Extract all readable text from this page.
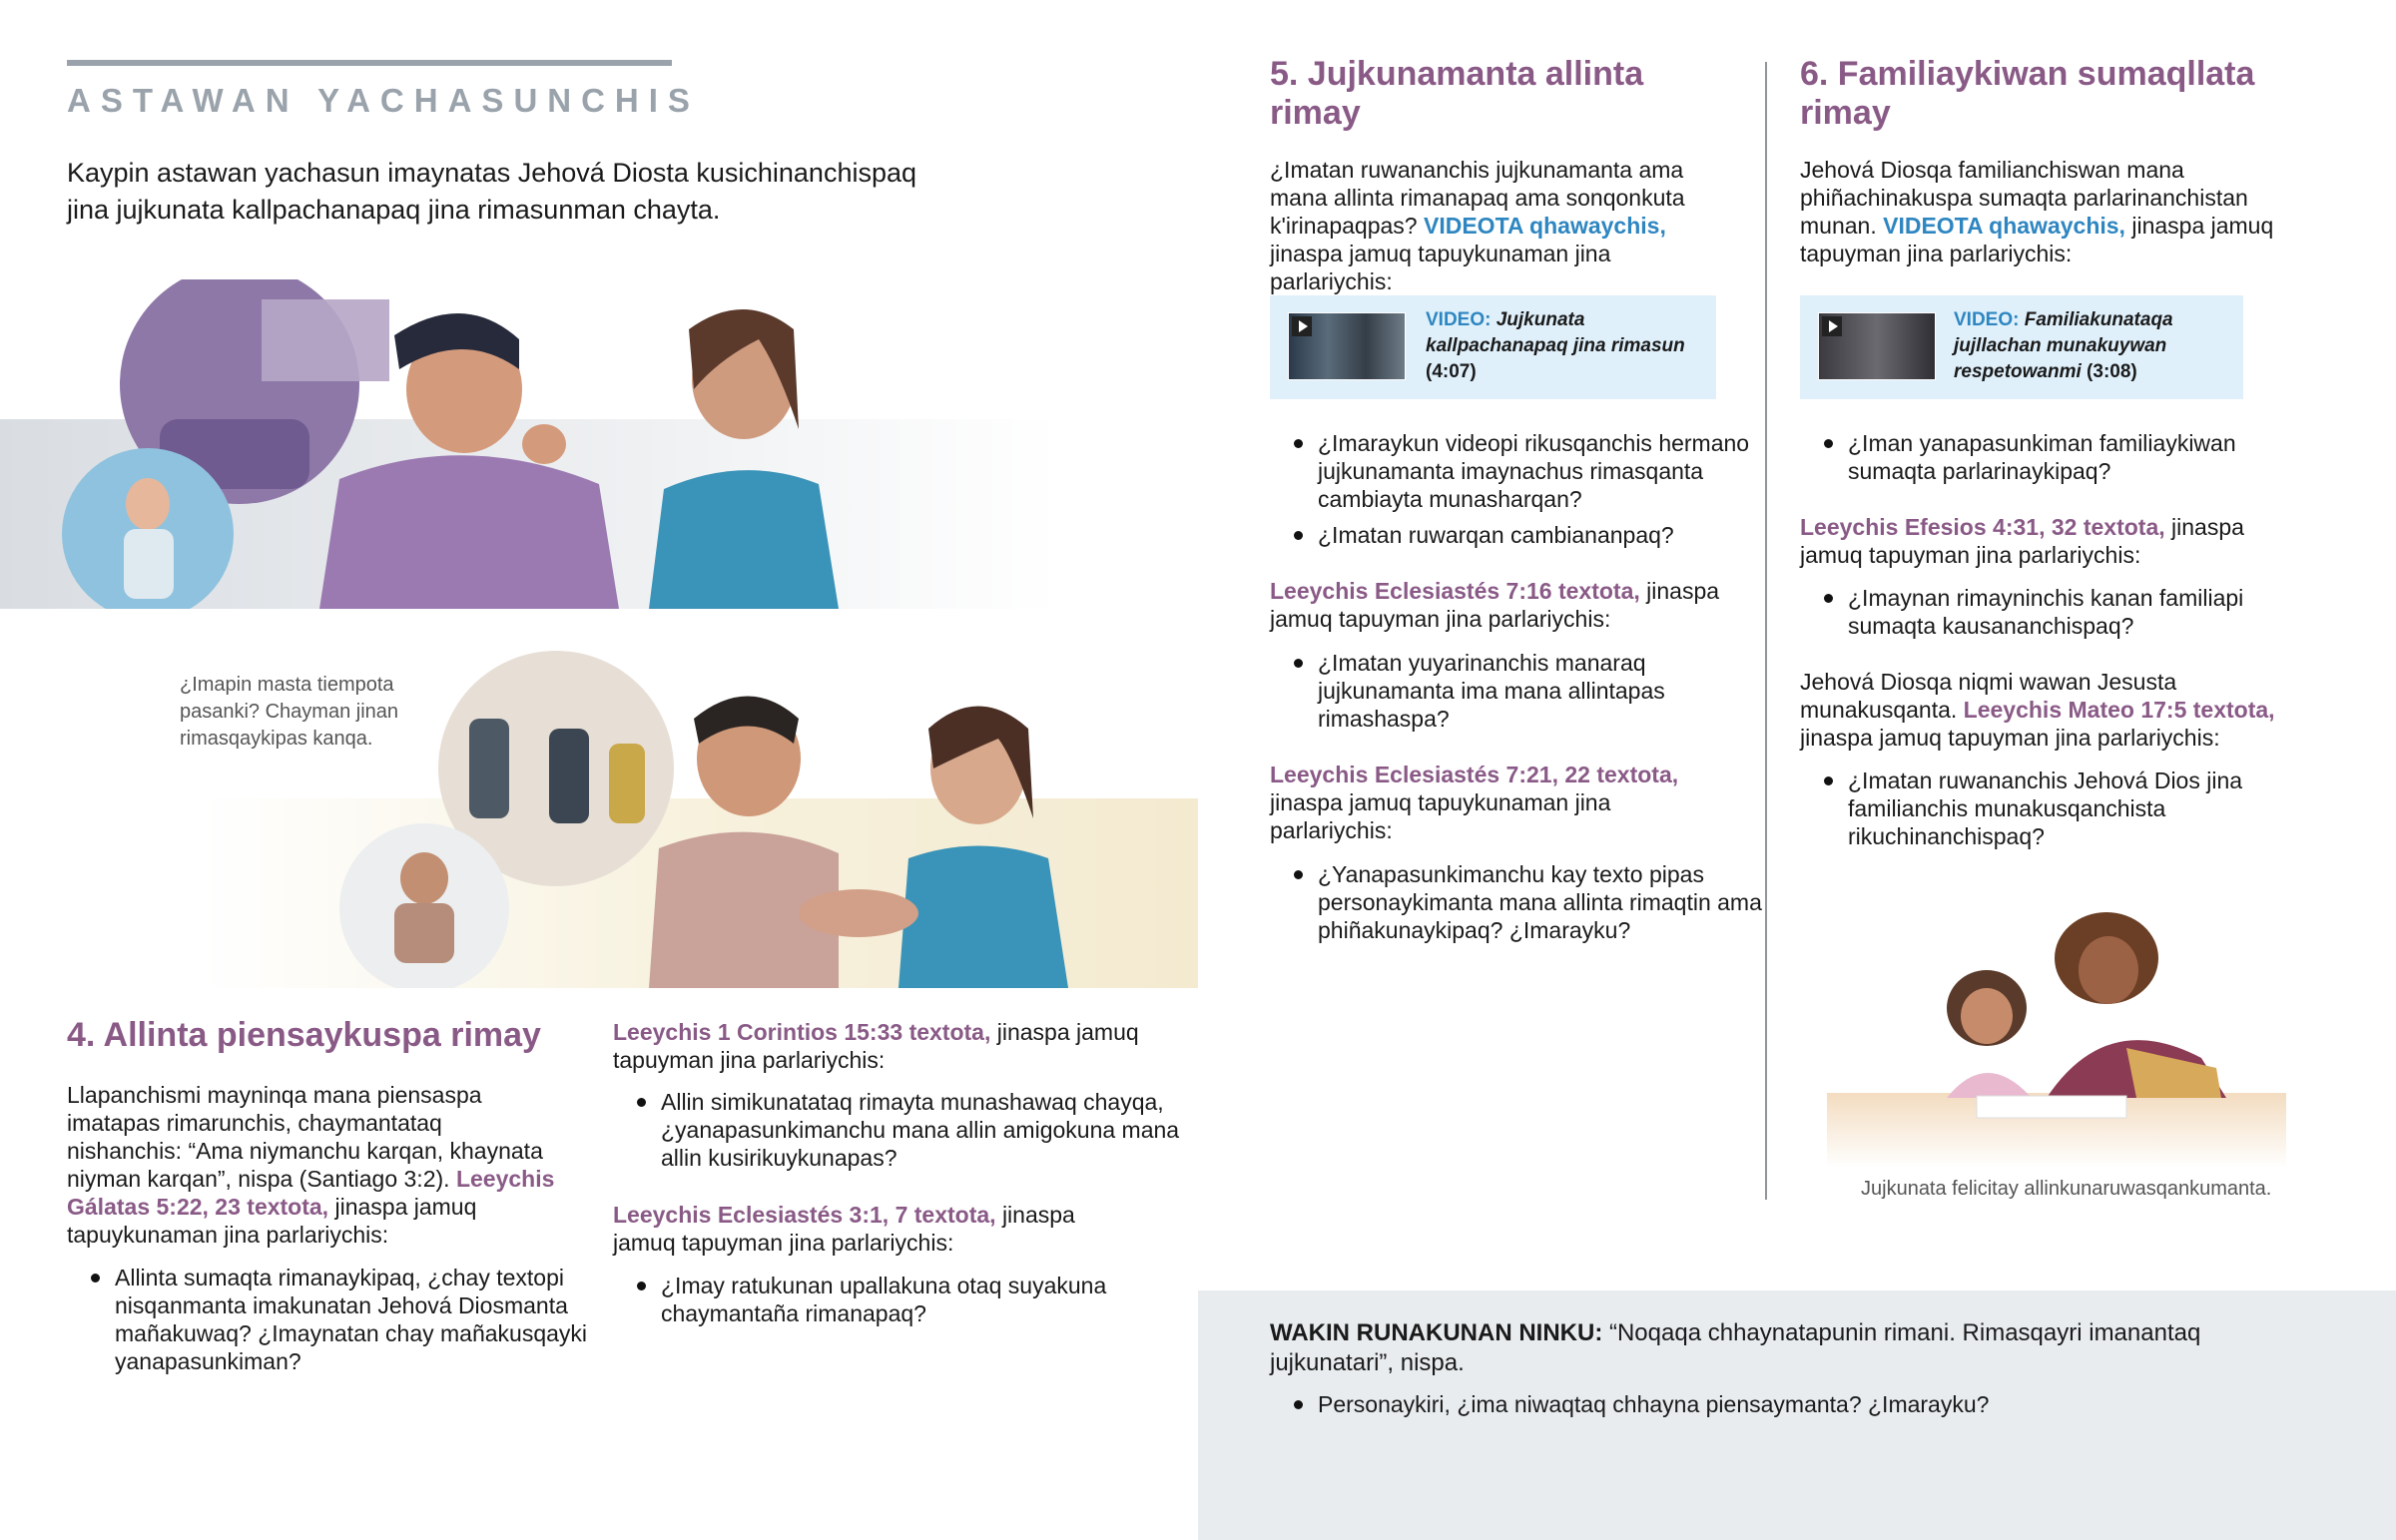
ASTAWAN YACHASUNCHIS

Kaypin astawan yachasun imaynatas Jehová Diosta kusichinanchispaq jina jujkunata kallpachanapaq jina rimasunman chayta.

¿Imapin masta tiempota pasanki? Chayman jinan rimasqaykipas kanqa.

4. Allinta piensaykuspa rimay

Llapanchismi mayninqa mana piensaspa imatapas rimarunchis, chaymantataq nishanchis: “Ama niymanchu karqan, khaynata niyman karqan”, nispa (Santiago 3:2). Leeychis Gálatas 5:22, 23 textota, jinaspa jamuq tapuykunaman jina parlariychis:

Allinta sumaqta rimanaykipaq, ¿chay textopi nisqanmanta imakunatan Jehová Diosmanta mañakuwaq? ¿Imaynatan chay mañakusqayki yanapasunkiman?

Leeychis 1 Corintios 15:33 textota, jinaspa jamuq tapuyman jina parlariychis:

Allin simikunatataq rimayta munashawaq chayqa, ¿yanapasunkimanchu mana allin amigokuna mana allin kusirikuykunapas?

Leeychis Eclesiastés 3:1, 7 textota, jinaspa jamuq tapuyman jina parlariychis:

¿Imay ratukunan upallakuna otaq suyakuna chaymantaña rimanapaq?
5. Jujkunamanta allinta rimay

¿Imatan ruwananchis jujkunamanta ama mana allinta rimanapaq ama sonqonkuta k'irinapaqpas? VIDEOTA qhawaychis, jinaspa jamuq tapuykunaman jina parlariychis:

VIDEO: Jujkunata kallpachanapaq jina rimasun (4:07)
¿Imaraykun videopi rikusqanchis hermano jujkunamanta imaynachus rimasqanta cambiayta munasharqan?
¿Imatan ruwarqan cambiananpaq?

Leeychis Eclesiastés 7:16 textota, jinaspa jamuq tapuyman jina parlariychis:

¿Imatan yuyarinanchis manaraq jujkunamanta ima mana allintapas rimashaspa?

Leeychis Eclesiastés 7:21, 22 textota, jinaspa jamuq tapuykunaman jina parlariychis:

¿Yanapasunkimanchu kay texto pipas personaykimanta mana allinta rimaqtin ama phiñakunaykipaq? ¿Imarayku?
6. Familiaykiwan sumaqllata rimay

Jehová Diosqa familianchiswan mana phiñachinakuspa sumaqta parlarinanchistan munan. VIDEOTA qhawaychis, jinaspa jamuq tapuyman jina parlariychis:

VIDEO: Familiakunataqa jujllachan munakuywan respetowanmi (3:08)
¿Iman yanapasunkiman familiaykiwan sumaqta parlarinaykipaq?

Leeychis Efesios 4:31, 32 textota, jinaspa jamuq tapuyman jina parlariychis:

¿Imaynan rimayninchis kanan familiapi sumaqta kausananchispaq?

Jehová Diosqa niqmi wawan Jesusta munakusqanta. Leeychis Mateo 17:5 textota, jinaspa jamuq tapuyman jina parlariychis:

¿Imatan ruwananchis Jehová Dios jina familianchis munakusqanchista rikuchinanchispaq?

Jujkunata felicitay allinkunaruwasqankumanta.

WAKIN RUNAKUNAN NINKU: “Noqaqa chhaynatapunin rimani. Rimasqayri imanantaq jujkunatari”, nispa.

Personaykiri, ¿ima niwaqtaq chhayna piensaymanta? ¿Imarayku?
